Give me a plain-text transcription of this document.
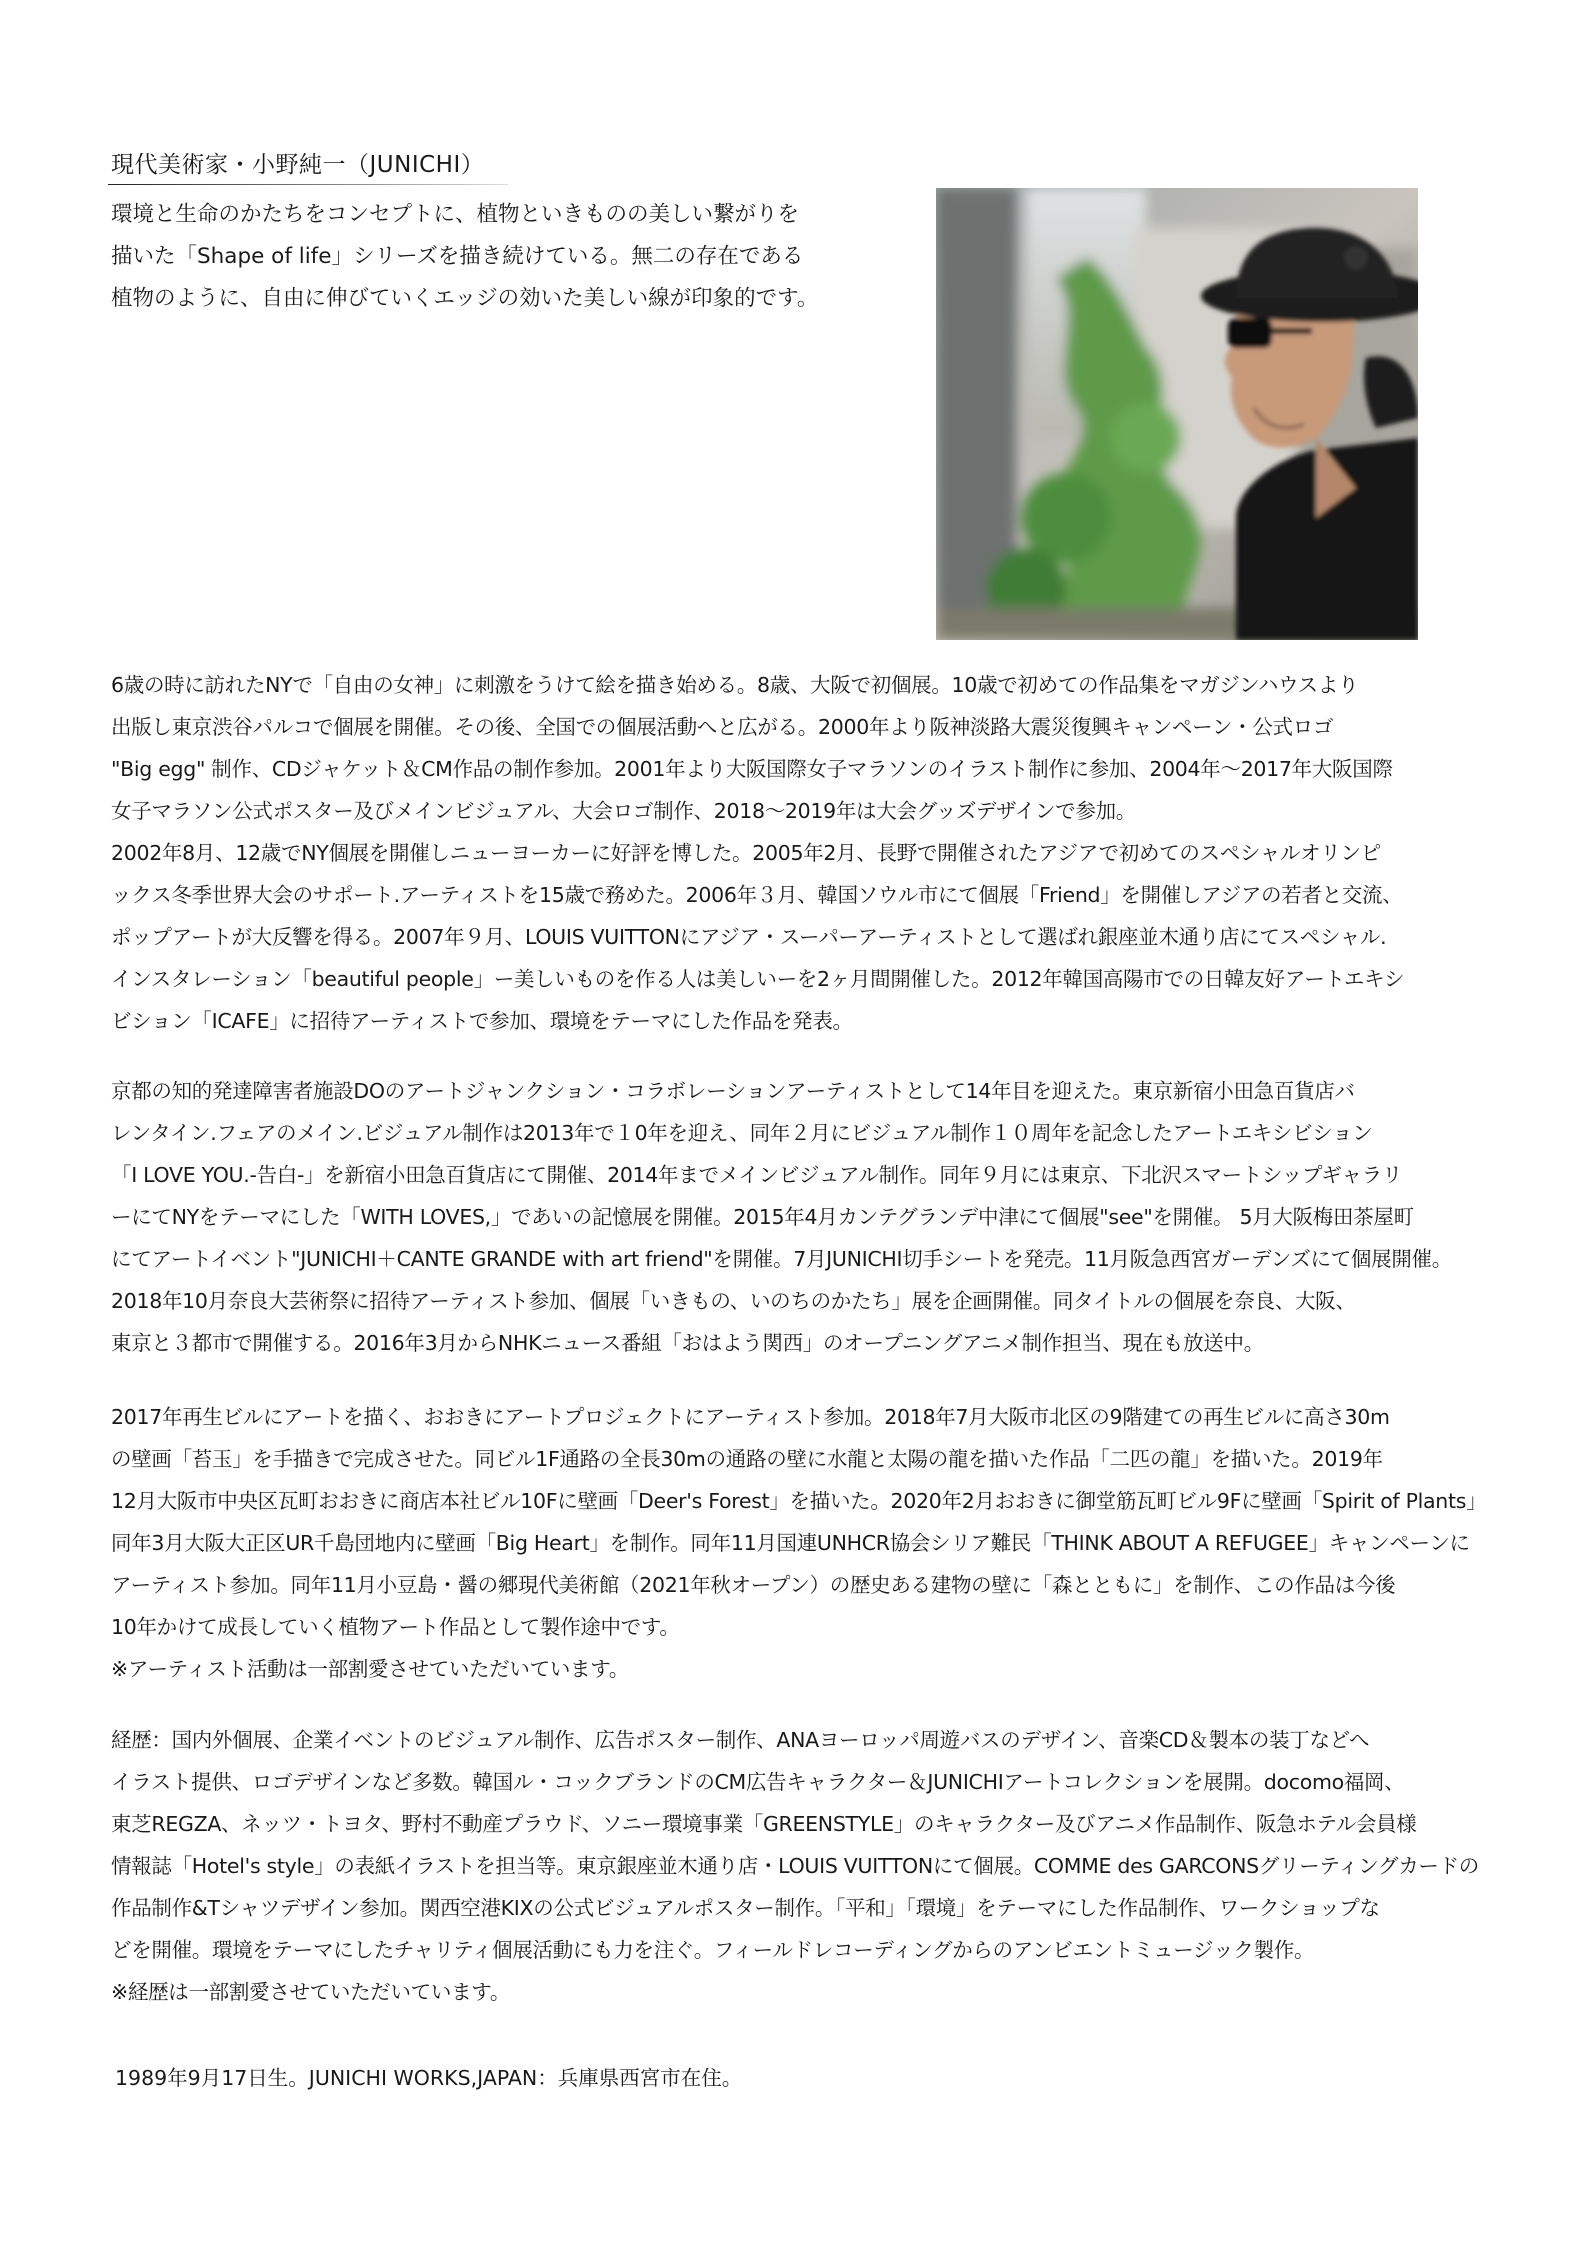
現代美術家・小野純一（JUNICHI）
環境と生命のかたちをコンセプトに、植物といきものの美しい繋がりを
描いた「Shape of life」シリーズを描き続けている。無二の存在である
植物のように、自由に伸びていくエッジの効いた美しい線が印象的です。
6歳の時に訪れたNYで「自由の女神」に刺激をうけて絵を描き始める。8歳、大阪で初個展。10歳で初めての作品集をマガジンハウスより
出版し東京渋谷パルコで個展を開催。その後、全国での個展活動へと広がる。2000年より阪神淡路大震災復興キャンペーン・公式ロゴ
"Big egg" 制作、CDジャケット＆CM作品の制作参加。2001年より大阪国際女子マラソンのイラスト制作に参加、2004年〜2017年大阪国際
女子マラソン公式ポスター及びメインビジュアル、大会ロゴ制作、2018〜2019年は大会グッズデザインで参加。
2002年8月、12歳でNY個展を開催しニューヨーカーに好評を博した。2005年2月、長野で開催されたアジアで初めてのスペシャルオリンピ
ックス冬季世界大会のサポート.アーティストを15歳で務めた。2006年３月、韓国ソウル市にて個展「Friend」を開催しアジアの若者と交流、
ポップアートが大反響を得る。2007年９月、LOUIS VUITTONにアジア・スーパーアーティストとして選ばれ銀座並木通り店にてスペシャル.
インスタレーション「beautiful people」ー美しいものを作る人は美しいーを2ヶ月間開催した。2012年韓国高陽市での日韓友好アートエキシ
ビション「ICAFE」に招待アーティストで参加、環境をテーマにした作品を発表。
京都の知的発達障害者施設DOのアートジャンクション・コラボレーションアーティストとして14年目を迎えた。東京新宿小田急百貨店バ
レンタイン.フェアのメイン.ビジュアル制作は2013年で１0年を迎え、同年２月にビジュアル制作１０周年を記念したアートエキシビション
「I LOVE YOU.-告白-」を新宿小田急百貨店にて開催、2014年までメインビジュアル制作。同年９月には東京、下北沢スマートシップギャラリ
ーにてNYをテーマにした「WITH LOVES,」であいの記憶展を開催。2015年4月カンテグランデ中津にて個展"see"を開催。 5月大阪梅田茶屋町
にてアートイベント"JUNICHI＋CANTE GRANDE with art friend"を開催。7月JUNICHI切手シートを発売。11月阪急西宮ガーデンズにて個展開催。
2018年10月奈良大芸術祭に招待アーティスト参加、個展「いきもの、いのちのかたち」展を企画開催。同タイトルの個展を奈良、大阪、
東京と３都市で開催する。2016年3月からNHKニュース番組「おはよう関西」のオープニングアニメ制作担当、現在も放送中。
2017年再生ビルにアートを描く、おおきにアートプロジェクトにアーティスト参加。2018年7月大阪市北区の9階建ての再生ビルに高さ30m
の壁画「苔玉」を手描きで完成させた。同ビル1F通路の全長30mの通路の壁に水龍と太陽の龍を描いた作品「二匹の龍」を描いた。2019年
12月大阪市中央区瓦町おおきに商店本社ビル10Fに壁画「Deer's Forest」を描いた。2020年2月おおきに御堂筋瓦町ビル9Fに壁画「Spirit of Plants」
同年3月大阪大正区UR千島団地内に壁画「Big Heart」を制作。同年11月国連UNHCR協会シリア難民「THINK ABOUT A REFUGEE」キャンペーンに
アーティスト参加。同年11月小豆島・醤の郷現代美術館（2021年秋オープン）の歴史ある建物の壁に「森とともに」を制作、この作品は今後
10年かけて成長していく植物アート作品として製作途中です。
※アーティスト活動は一部割愛させていただいています。
経歴：国内外個展、企業イベントのビジュアル制作、広告ポスター制作、ANAヨーロッパ周遊バスのデザイン、音楽CD＆製本の装丁などへ
イラスト提供、ロゴデザインなど多数。韓国ル・コックブランドのCM広告キャラクター＆JUNICHIアートコレクションを展開。docomo福岡、
東芝REGZA、ネッツ・トヨタ、野村不動産プラウド、ソニー環境事業「GREENSTYLE」のキャラクター及びアニメ作品制作、阪急ホテル会員様
情報誌「Hotel's style」の表紙イラストを担当等。東京銀座並木通り店・LOUIS VUITTONにて個展。COMME des GARCONSグリーティングカードの
作品制作&Tシャツデザイン参加。関西空港KIXの公式ビジュアルポスター制作。「平和」「環境」をテーマにした作品制作、ワークショップな
どを開催。環境をテーマにしたチャリティ個展活動にも力を注ぐ。フィールドレコーディングからのアンビエントミュージック製作。
※経歴は一部割愛させていただいています。
1989年9月17日生。JUNICHI WORKS,JAPAN：兵庫県西宮市在住。
